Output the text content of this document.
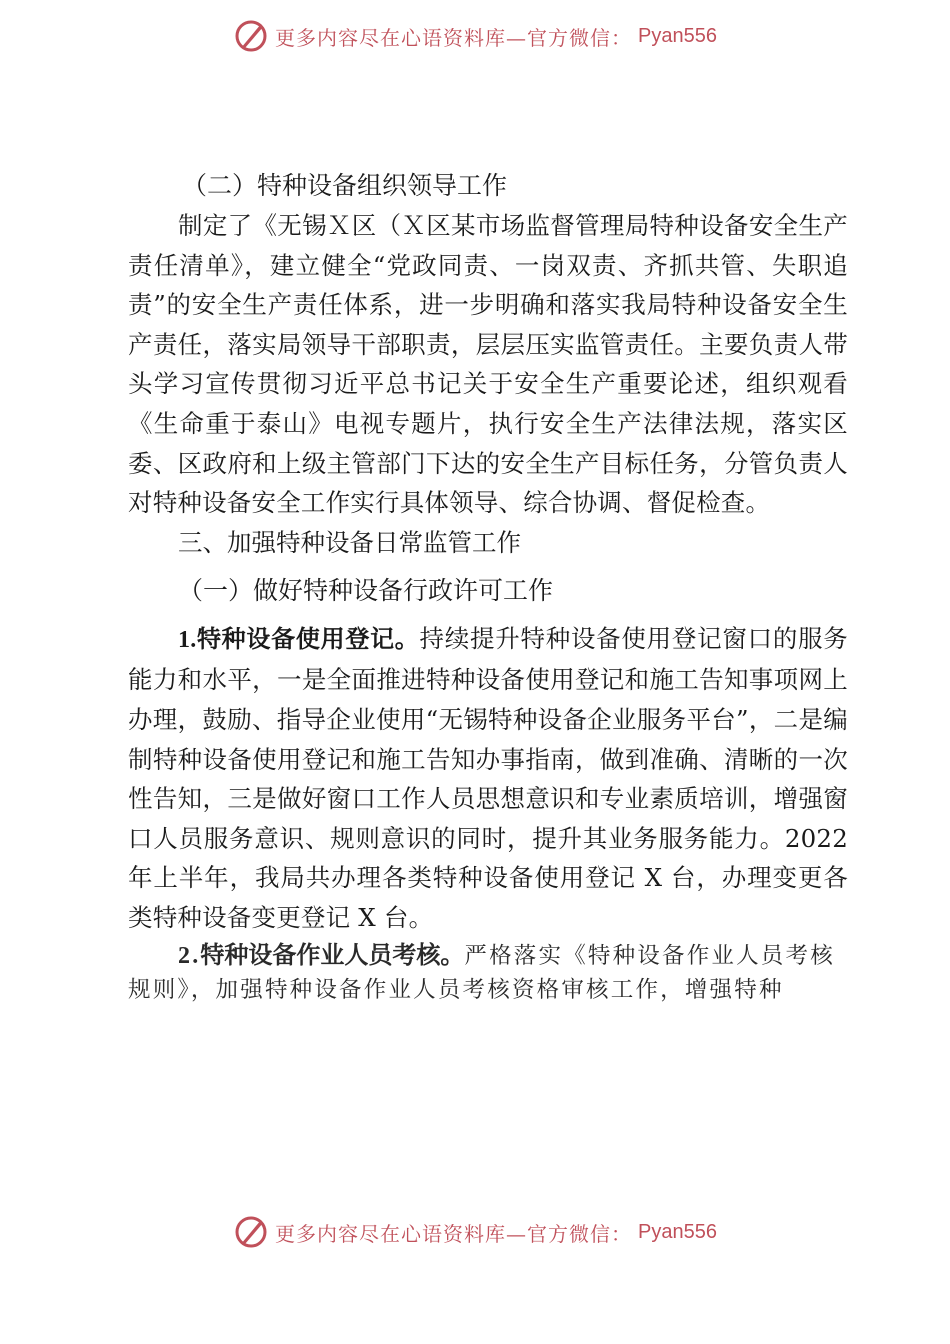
更多内容尽在心语资料库—官方微信： Pyan556

（二）特种设备组织领导工作

制定了《无锡Ｘ区（Ｘ区某市场监督管理局特种设备安全生产责任清单》，建立健全“党政同责、一岗双责、齐抓共管、失职追责”的安全生产责任体系，进一步明确和落实我局特种设备安全生产责任，落实局领导干部职责，层层压实监管责任。主要负责人带头学习宣传贯彻习近平总书记关于安全生产重要论述，组织观看《生命重于泰山》电视专题片，执行安全生产法律法规，落实区委、区政府和上级主管部门下达的安全生产目标任务，分管负责人对特种设备安全工作实行具体领导、综合协调、督促检查。

三、加强特种设备日常监管工作

（一）做好特种设备行政许可工作

1.特种设备使用登记。持续提升特种设备使用登记窗口的服务能力和水平，一是全面推进特种设备使用登记和施工告知事项网上办理，鼓励、指导企业使用“无锡特种设备企业服务平台”，二是编制特种设备使用登记和施工告知办事指南，做到准确、清晰的一次性告知，三是做好窗口工作人员思想意识和专业素质培训，增强窗口人员服务意识、规则意识的同时，提升其业务服务能力。2022年上半年，我局共办理各类特种设备使用登记 X 台，办理变更各类特种设备变更登记 X 台。

2.特种设备作业人员考核。严格落实《特种设备作业人员考核规则》，加强特种设备作业人员考核资格审核工作，增强特种

更多内容尽在心语资料库—官方微信： Pyan556
